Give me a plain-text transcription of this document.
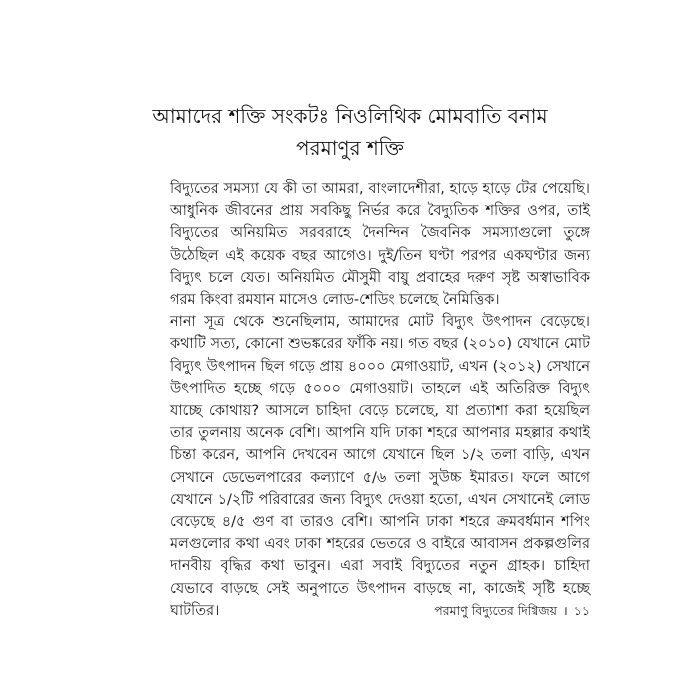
আমাদের শক্তি সংকটঃ নিওলিথিক মোমবাতি বনাম
পরমাণুর শক্তি

বিদ্যুতের সমস্যা যে কী তা আমরা, বাংলাদেশীরা, হাড়ে হাড়ে টের পেয়েছি। আধুনিক জীবনের প্রায় সবকিছু নির্ভর করে বৈদ্যুতিক শক্তির ওপর, তাই বিদ্যুতের অনিয়মিত সরবরাহে দৈনন্দিন জৈবনিক সমস্যাগুলো তুঙ্গে উঠেছিল এই কয়েক বছর আগেও। দুই/তিন ঘণ্টা পরপর একঘণ্টার জন্য বিদ্যুৎ চলে যেত। অনিয়মিত মৌসুমী বায়ু প্রবাহের দরুণ সৃষ্ট অস্বাভাবিক গরম কিংবা রমযান মাসেও লোড-শেডিং চলেছে নৈমিত্তিক।

নানা সূত্র থেকে শুনেছিলাম, আমাদের মোট বিদ্যুৎ উৎপাদন বেড়েছে। কথাটি সত্য, কোনো শুভঙ্করের ফাঁকি নয়। গত বছর (২০১০) যেখানে মোট বিদ্যুৎ উৎপাদন ছিল গড়ে প্রায় ৪০০০ মেগাওয়াট, এখন (২০১২) সেখানে উৎপাদিত হচ্ছে গড়ে ৫০০০ মেগাওয়াট। তাহলে এই অতিরিক্ত বিদ্যুৎ যাচ্ছে কোথায়? আসলে চাহিদা বেড়ে চলেছে, যা প্রত্যাশা করা হয়েছিল তার তুলনায় অনেক বেশি। আপনি যদি ঢাকা শহরে আপনার মহল্লার কথাই চিন্তা করেন, আপনি দেখবেন আগে যেখানে ছিল ১/২ তলা বাড়ি, এখন সেখানে ডেভেলপারের কল্যাণে ৫/৬ তলা সুউচ্চ ইমারত। ফলে আগে যেখানে ১/২টি পরিবারের জন্য বিদ্যুৎ দেওয়া হতো, এখন সেখানেই লোড বেড়েছে ৪/৫ গুণ বা তারও বেশি। আপনি ঢাকা শহরে ক্রমবর্ধমান শপিং মলগুলোর কথা এবং ঢাকা শহরের ভেতরে ও বাইরে আবাসন প্রকল্পগুলির দানবীয় বৃদ্ধির কথা ভাবুন। এরা সবাই বিদ্যুতের নতুন গ্রাহক। চাহিদা যেভাবে বাড়ছে সেই অনুপাতে উৎপাদন বাড়ছে না, কাজেই সৃষ্টি হচ্ছে ঘাটতির।	পরমাণু বিদ্যুতের দিগ্বিজয় । ১১
